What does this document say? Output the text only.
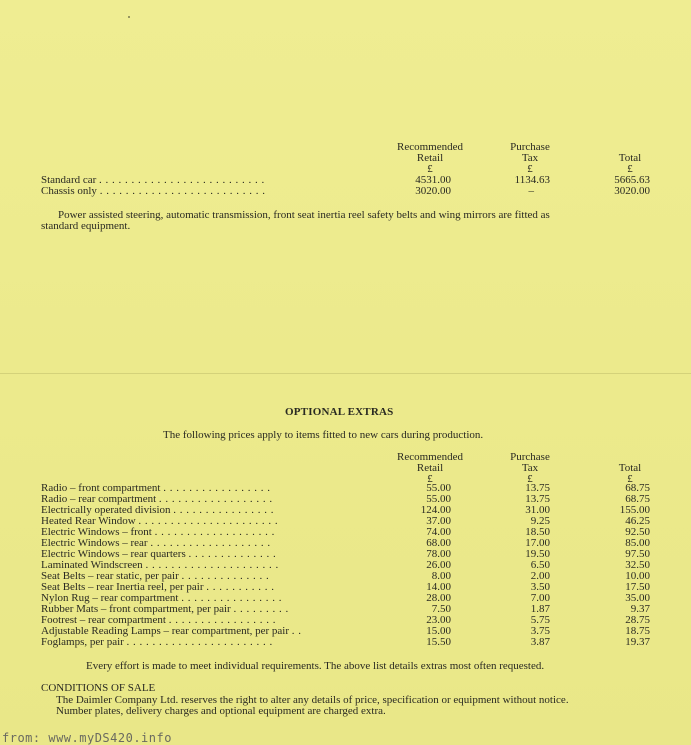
Recommended
Retail
£
Purchase
Tax
£
Total
£
Standard car . . . . . . . . . . . . . . . . . . . . . . . . . .	4531.00	1134.63	5665.63
Chassis only . . . . . . . . . . . . . . . . . . . . . . . . . .	3020.00	–	3020.00
Power assisted steering, automatic transmission, front seat inertia reel safety belts and wing mirrors are fitted as
standard equipment.
OPTIONAL EXTRAS
The following prices apply to items fitted to new cars during production.
Recommended
Retail
£
Purchase
Tax
£
Total
£
Radio – front compartment . . . . . . . . . . . . . . . . .	55.00	13.75	68.75
Radio – rear compartment . . . . . . . . . . . . . . . . . .	55.00	13.75	68.75
Electrically operated division . . . . . . . . . . . . . . . .	124.00	31.00	155.00
Heated Rear Window . . . . . . . . . . . . . . . . . . . . . .	37.00	9.25	46.25
Electric Windows – front . . . . . . . . . . . . . . . . . . .	74.00	18.50	92.50
Electric Windows – rear . . . . . . . . . . . . . . . . . . .	68.00	17.00	85.00
Electric Windows – rear quarters . . . . . . . . . . . . . .	78.00	19.50	97.50
Laminated Windscreen . . . . . . . . . . . . . . . . . . . . .	26.00	6.50	32.50
Seat Belts – rear static, per pair . . . . . . . . . . . . . .	8.00	2.00	10.00
Seat Belts – rear Inertia reel, per pair . . . . . . . . . . .	14.00	3.50	17.50
Nylon Rug – rear compartment . . . . . . . . . . . . . . . .	28.00	7.00	35.00
Rubber Mats – front compartment, per pair . . . . . . . . .	7.50	1.87	9.37
Footrest – rear compartment . . . . . . . . . . . . . . . . .	23.00	5.75	28.75
Adjustable Reading Lamps – rear compartment, per pair . .	15.00	3.75	18.75
Foglamps, per pair . . . . . . . . . . . . . . . . . . . . . . .	15.50	3.87	19.37
Every effort is made to meet individual requirements. The above list details extras most often requested.
CONDITIONS OF SALE
The Daimler Company Ltd. reserves the right to alter any details of price, specification or equipment without notice.
Number plates, delivery charges and optional equipment are charged extra.
from: www.myDS420.info
